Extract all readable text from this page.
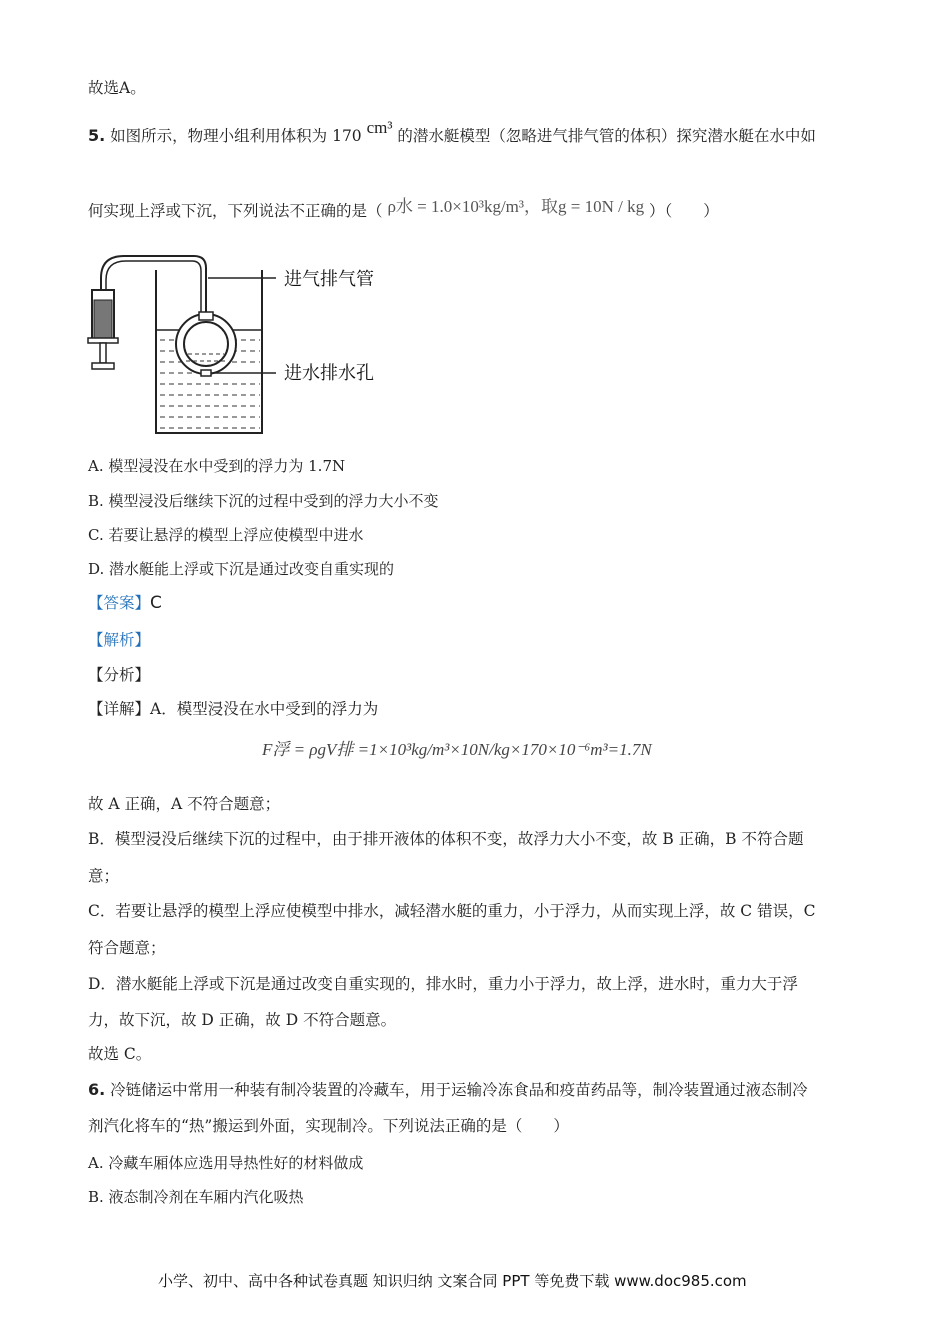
故选A。
5. 如图所示，物理小组利用体积为 170 cm³ 的潜水艇模型（忽略进气排气管的体积）探究潜水艇在水中如
何实现上浮或下沉，下列说法不正确的是（ ρ水 = 1.0×10³kg/m³，取g = 10N / kg ）（　　）
进气排气管
进水排水孔
A. 模型浸没在水中受到的浮力为 1.7N
B. 模型浸没后继续下沉的过程中受到的浮力大小不变
C. 若要让悬浮的模型上浮应使模型中进水
D. 潜水艇能上浮或下沉是通过改变自重实现的
【答案】C
【解析】
【分析】
【详解】A．模型浸没在水中受到的浮力为
F浮 = ρgV排 =1×10³kg/m³×10N/kg×170×10⁻⁶m³=1.7N
故 A 正确，A 不符合题意；
B．模型浸没后继续下沉的过程中，由于排开液体的体积不变，故浮力大小不变，故 B 正确，B 不符合题
意；
C．若要让悬浮的模型上浮应使模型中排水，减轻潜水艇的重力，小于浮力，从而实现上浮，故 C 错误，C
符合题意；
D．潜水艇能上浮或下沉是通过改变自重实现的，排水时，重力小于浮力，故上浮，进水时，重力大于浮
力，故下沉，故 D 正确，故 D 不符合题意。
故选 C。
6. 冷链储运中常用一种装有制冷装置的冷藏车，用于运输冷冻食品和疫苗药品等，制冷装置通过液态制冷
剂汽化将车的“热”搬运到外面，实现制冷。下列说法正确的是（　　）
A. 冷藏车厢体应选用导热性好的材料做成
B. 液态制冷剂在车厢内汽化吸热
小学、初中、高中各种试卷真题 知识归纳 文案合同 PPT 等免费下载 www.doc985.com
